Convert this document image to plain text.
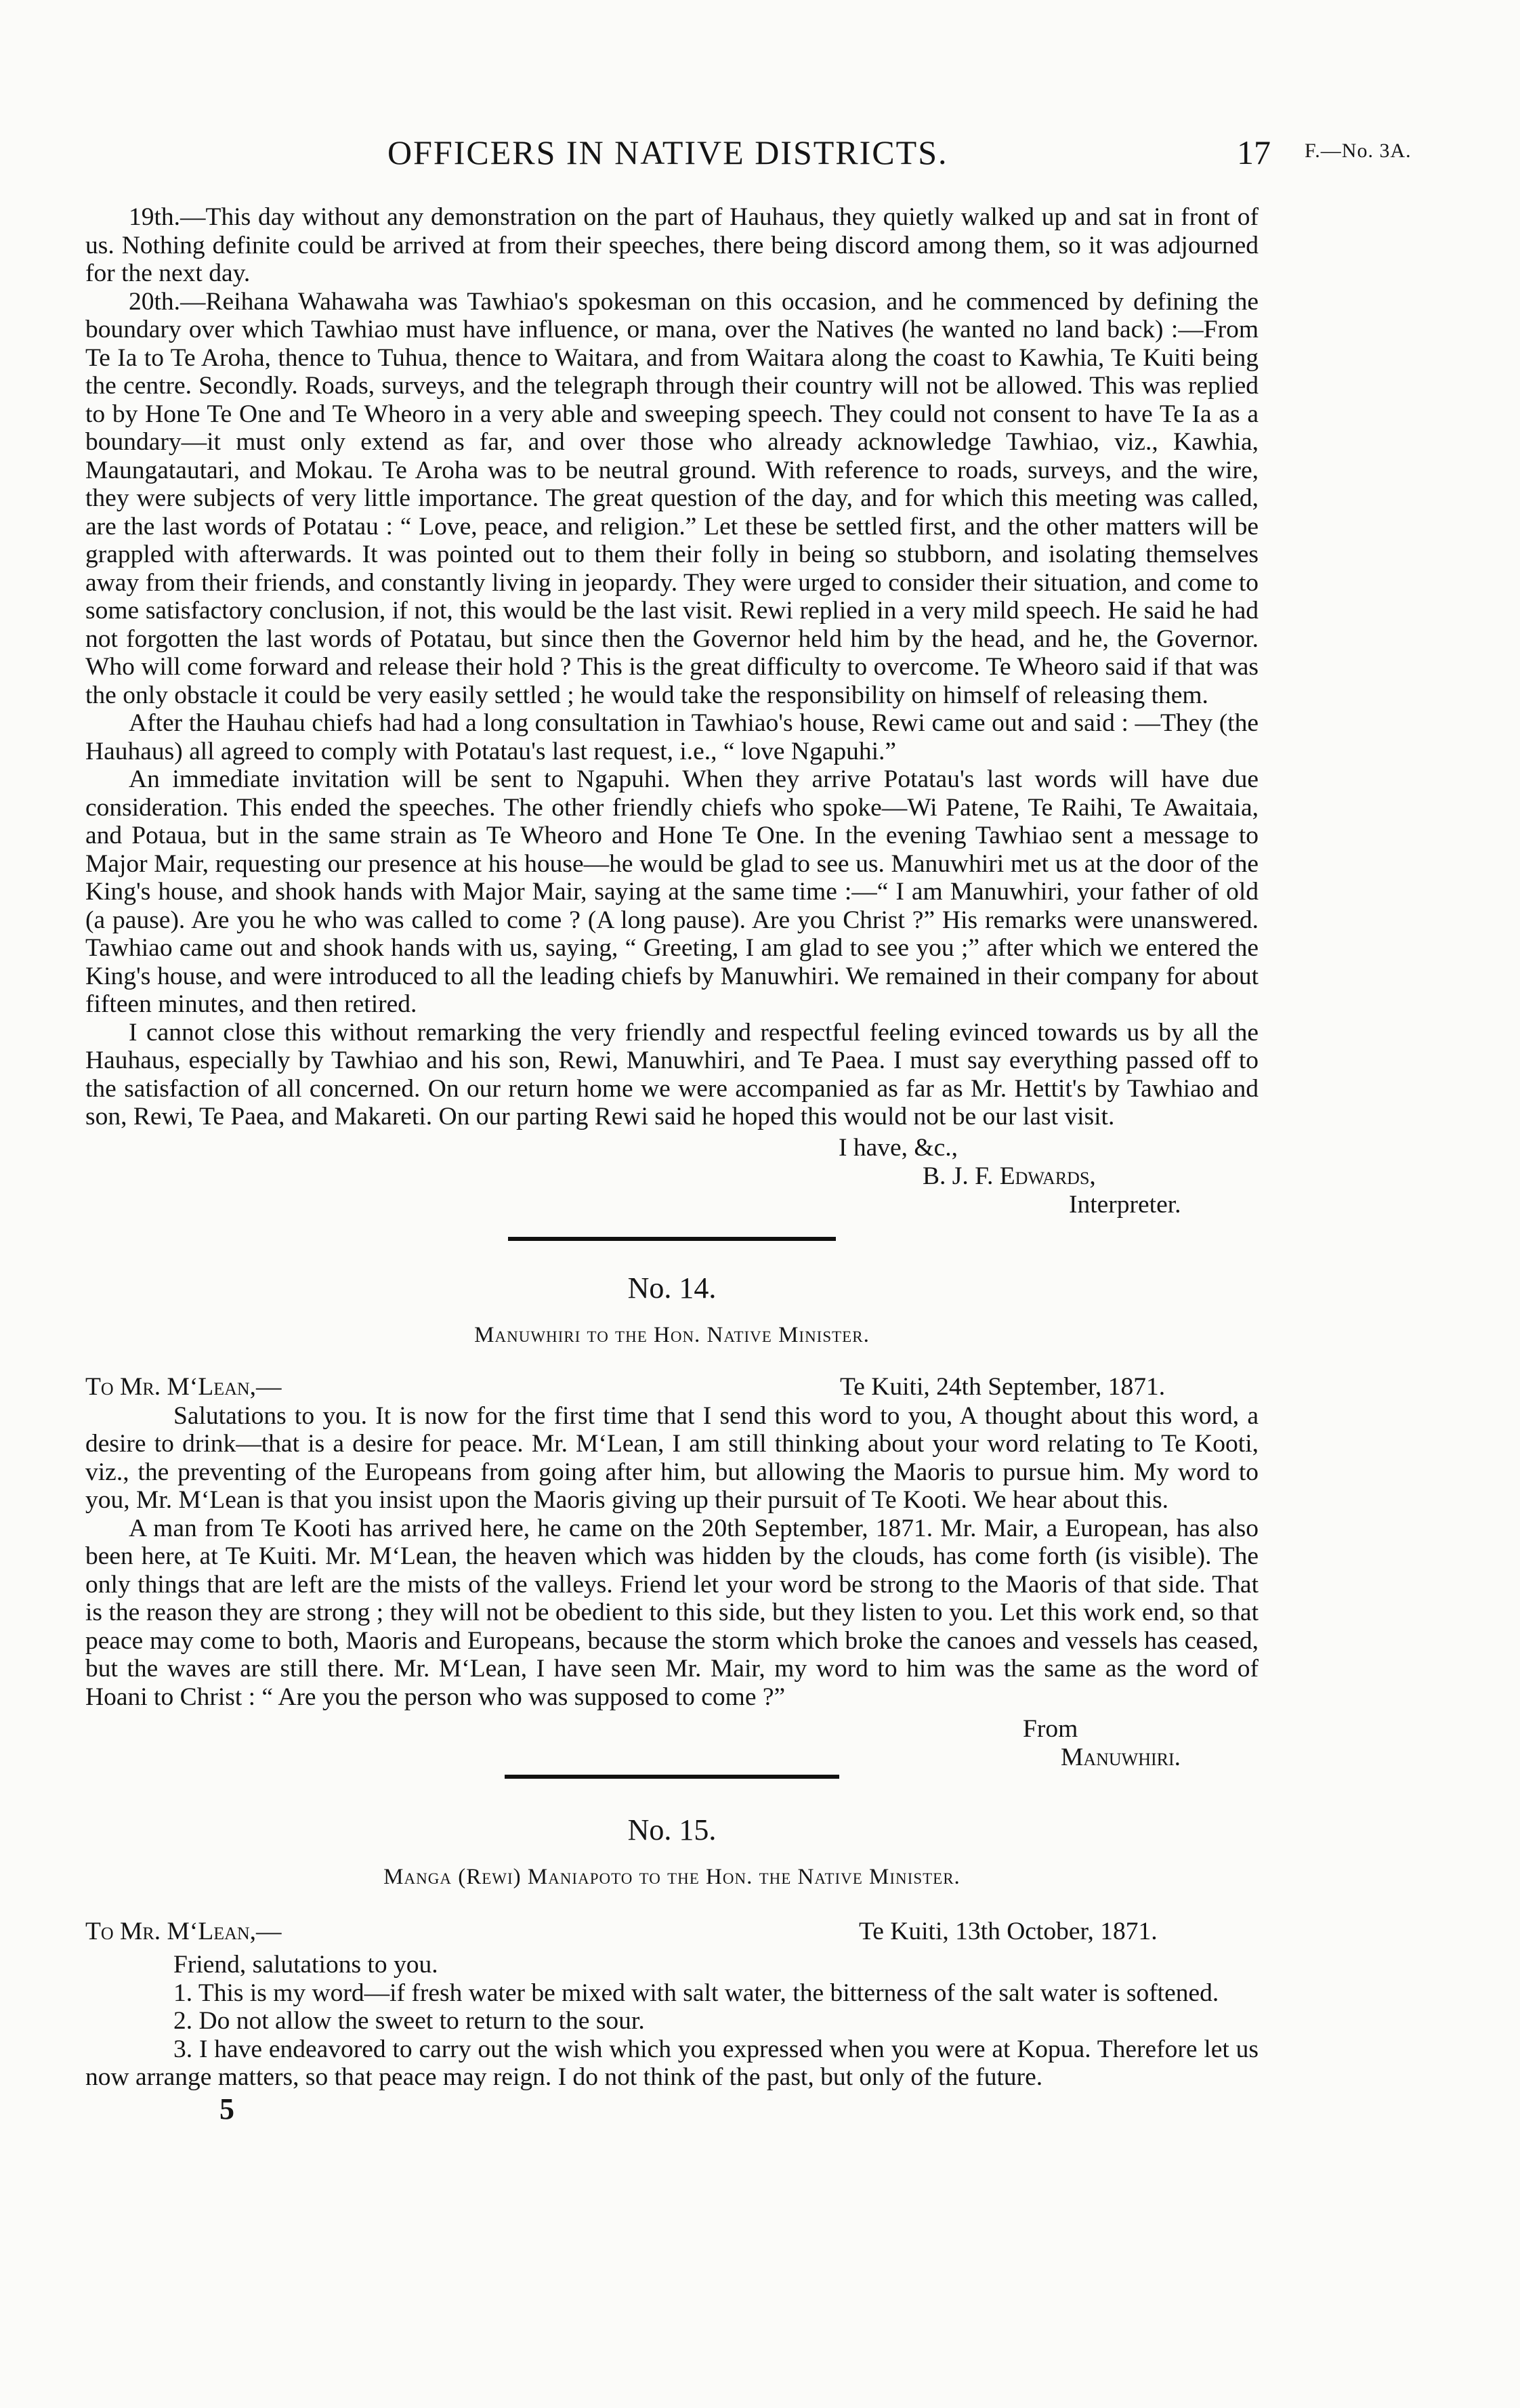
OFFICERS IN NATIVE DISTRICTS.	17 F.—No. 3A.

19th.—This day without any demonstration on the part of Hauhaus, they quietly walked up and sat in front of us. Nothing definite could be arrived at from their speeches, there being discord among them, so it was adjourned for the next day.

20th.—Reihana Wahawaha was Tawhiao's spokesman on this occasion, and he commenced by defining the boundary over which Tawhiao must have influence, or mana, over the Natives (he wanted no land back) :—From Te Ia to Te Aroha, thence to Tuhua, thence to Waitara, and from Waitara along the coast to Kawhia, Te Kuiti being the centre. Secondly. Roads, surveys, and the telegraph through their country will not be allowed. This was replied to by Hone Te One and Te Wheoro in a very able and sweeping speech. They could not consent to have Te Ia as a boundary—it must only extend as far, and over those who already acknowledge Tawhiao, viz., Kawhia, Maungatautari, and Mokau. Te Aroha was to be neutral ground. With reference to roads, surveys, and the wire, they were subjects of very little importance. The great question of the day, and for which this meeting was called, are the last words of Potatau : “ Love, peace, and religion.” Let these be settled first, and the other matters will be grappled with afterwards. It was pointed out to them their folly in being so stubborn, and isolating themselves away from their friends, and constantly living in jeopardy. They were urged to consider their situation, and come to some satisfactory conclusion, if not, this would be the last visit. Rewi replied in a very mild speech. He said he had not forgotten the last words of Potatau, but since then the Governor held him by the head, and he, the Governor. Who will come forward and release their hold ? This is the great difficulty to overcome. Te Wheoro said if that was the only obstacle it could be very easily settled ; he would take the responsibility on himself of releasing them.

After the Hauhau chiefs had had a long consultation in Tawhiao's house, Rewi came out and said : —They (the Hauhaus) all agreed to comply with Potatau's last request, i.e., “ love Ngapuhi.”

An immediate invitation will be sent to Ngapuhi. When they arrive Potatau's last words will have due consideration. This ended the speeches. The other friendly chiefs who spoke—Wi Patene, Te Raihi, Te Awaitaia, and Potaua, but in the same strain as Te Wheoro and Hone Te One. In the evening Tawhiao sent a message to Major Mair, requesting our presence at his house—he would be glad to see us. Manuwhiri met us at the door of the King's house, and shook hands with Major Mair, saying at the same time :—“ I am Manuwhiri, your father of old (a pause). Are you he who was called to come ? (A long pause). Are you Christ ?” His remarks were unanswered. Tawhiao came out and shook hands with us, saying, “ Greeting, I am glad to see you ;” after which we entered the King's house, and were introduced to all the leading chiefs by Manuwhiri. We remained in their company for about fifteen minutes, and then retired.

I cannot close this without remarking the very friendly and respectful feeling evinced towards us by all the Hauhaus, especially by Tawhiao and his son, Rewi, Manuwhiri, and Te Paea. I must say everything passed off to the satisfaction of all concerned. On our return home we were accompanied as far as Mr. Hettit's by Tawhiao and son, Rewi, Te Paea, and Makareti. On our parting Rewi said he hoped this would not be our last visit.

I have, &c.,
B. J. F. Edwards,
Interpreter.
No. 14.
Manuwhiri to the Hon. Native Minister.
To Mr. M‘Lean,—	Te Kuiti, 24th September, 1871.

Salutations to you. It is now for the first time that I send this word to you, A thought about this word, a desire to drink—that is a desire for peace. Mr. M‘Lean, I am still thinking about your word relating to Te Kooti, viz., the preventing of the Europeans from going after him, but allowing the Maoris to pursue him. My word to you, Mr. M‘Lean is that you insist upon the Maoris giving up their pursuit of Te Kooti. We hear about this.

A man from Te Kooti has arrived here, he came on the 20th September, 1871. Mr. Mair, a European, has also been here, at Te Kuiti. Mr. M‘Lean, the heaven which was hidden by the clouds, has come forth (is visible). The only things that are left are the mists of the valleys. Friend let your word be strong to the Maoris of that side. That is the reason they are strong ; they will not be obedient to this side, but they listen to you. Let this work end, so that peace may come to both, Maoris and Europeans, because the storm which broke the canoes and vessels has ceased, but the waves are still there. Mr. M‘Lean, I have seen Mr. Mair, my word to him was the same as the word of Hoani to Christ : “ Are you the person who was supposed to come ?”

From
Manuwhiri.
No. 15.
Manga (Rewi) Maniapoto to the Hon. the Native Minister.
To Mr. M‘Lean,—	Te Kuiti, 13th October, 1871.

Friend, salutations to you.

1. This is my word—if fresh water be mixed with salt water, the bitterness of the salt water is softened.

2. Do not allow the sweet to return to the sour.

3. I have endeavored to carry out the wish which you expressed when you were at Kopua. Therefore let us now arrange matters, so that peace may reign. I do not think of the past, but only of the future.

5
